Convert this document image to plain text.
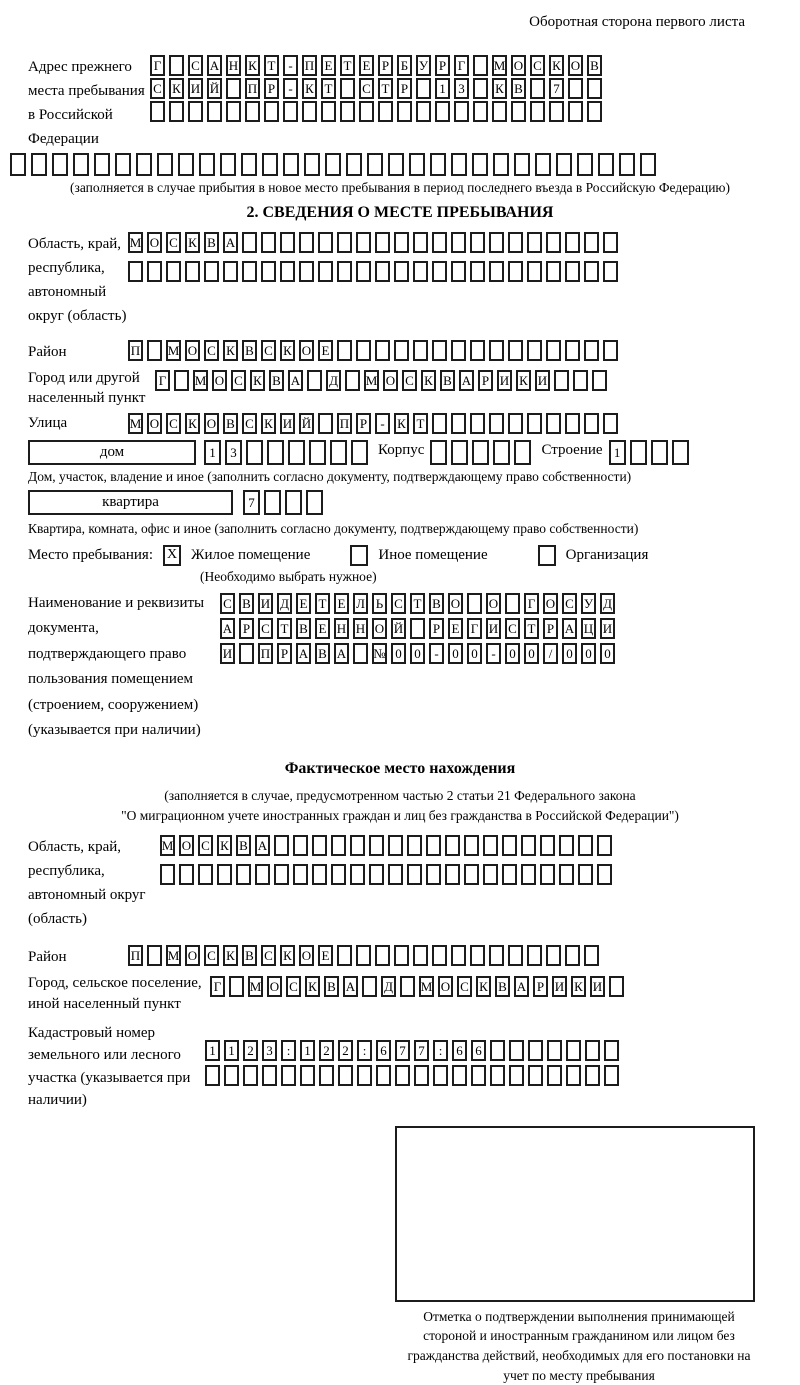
Оборотная сторона первого листа
Адрес прежнего места пребывания в Российской Федерации
Г С А Н К Т - П Е Т Е Р Б У Р Г М О С К О В
С К И Й П Р	- К Т С Т Р	1 3	К В	7
(заполняется в случае прибытия в новое место пребывания в период последнего въезда в Российскую Федерацию)
2. СВЕДЕНИЯ О МЕСТЕ ПРЕБЫВАНИЯ
Область, край, республика, автономный округ (область)
М О С К В А
Район	П М О С К В С К О Е
Город или другой населенный пункт
Г М О С К В А Д М О С К В А Р И К И
Улица	М О С К О В С К И Й П Р	- К Т
дом	1	3	Корпус	Строение 1
Дом, участок, владение и иное (заполнить согласно документу, подтверждающему право собственности)
квартира	7
Квартира, комната, офис и иное (заполнить согласно документу, подтверждающему право собственности)
Место пребывания: X Жилое помещение	Иное помещение	Организация
(Необходимо выбрать нужное)
Наименование и реквизиты документа, подтверждающего право пользования помещением (строением, сооружением) (указывается при наличии)
С В И Д Е Т Е Л Ь С Т В О О Г О С У Д
А Р С Т В Е Н Н О Й Р Е Г И С Т Р А Ц И
И П Р А В А № 0 0	-	0 0	-	0 0	/	0 0 0
Фактическое место нахождения
(заполняется в случае, предусмотренном частью 2 статьи 21 Федерального закона
"О миграционном учете иностранных граждан и лиц без гражданства в Российской Федерации")
Область, край, республика, автономный округ (область)
М О С К В А
Район	П М О С К В С К О Е
Город, сельское поселение, иной населенный пункт
Г М О С К В А Д М О С К В А Р И К И
Кадастровый номер земельного или лесного участка (указывается при наличии)
1 1 2 3	:	1 2 2	:	6 7 7	:	6 6
Отметка о подтверждении выполнения принимающей стороной и иностранным гражданином или лицом без гражданства действий, необходимых для его постановки на учет по месту пребывания
